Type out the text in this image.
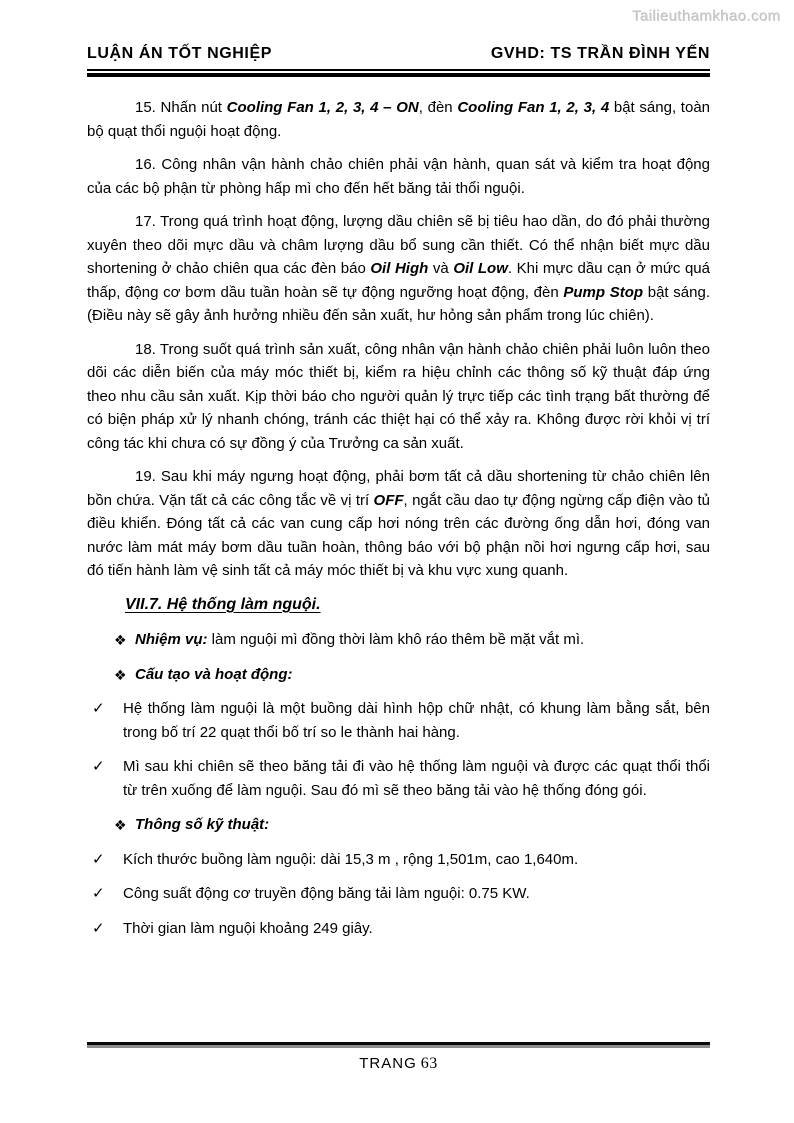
Tailieuthamkhao.com
LUẬN ÁN TỐT NGHIỆP	GVHD: TS TRẦN ĐÌNH YẾN

15. Nhấn nút Cooling Fan 1, 2, 3, 4 – ON, đèn Cooling Fan 1, 2, 3, 4 bật sáng, toàn bộ quạt thổi nguội hoạt động.

16. Công nhân vận hành chảo chiên phải vận hành, quan sát và kiểm tra hoạt động của các bộ phận từ phòng hấp mì cho đến hết băng tải thổi nguội.

17. Trong quá trình hoạt động, lượng dầu chiên sẽ bị tiêu hao dần, do đó phải thường xuyên theo dõi mực dầu và châm lượng dầu bổ sung cần thiết. Có thể nhận biết mực dầu shortening ở chảo chiên qua các đèn báo Oil High và Oil Low. Khi mực dầu cạn ở mức quá thấp, động cơ bơm dầu tuần hoàn sẽ tự động ngưỡng hoạt động, đèn Pump Stop bật sáng. (Điều này sẽ gây ảnh hưởng nhiều đến sản xuất, hư hỏng sản phẩm trong lúc chiên).

18. Trong suốt quá trình sản xuất, công nhân vận hành chảo chiên phải luôn luôn theo dõi các diễn biến của máy móc thiết bị, kiểm ra hiệu chỉnh các thông số kỹ thuật đáp ứng theo nhu cầu sản xuất. Kịp thời báo cho người quản lý trực tiếp các tình trạng bất thường để có biện pháp xử lý nhanh chóng, tránh các thiệt hại có thể xảy ra. Không được rời khỏi vị trí công tác khi chưa có sự đồng ý của Trưởng ca sản xuất.

19. Sau khi máy ngưng hoạt động, phải bơm tất cả dầu shortening từ chảo chiên lên bồn chứa. Vặn tất cả các công tắc về vị trí OFF, ngắt cầu dao tự động ngừng cấp điện vào tủ điều khiển. Đóng tất cả các van cung cấp hơi nóng trên các đường ống dẫn hơi, đóng van nước làm mát máy bơm dầu tuần hoàn, thông báo với bộ phận nồi hơi ngưng cấp hơi, sau đó tiến hành làm vệ sinh tất cả máy móc thiết bị và khu vực xung quanh.

VII.7. Hệ thống làm nguội.
❖ Nhiệm vụ: làm nguội mì đồng thời làm khô ráo thêm bề mặt vắt mì.
❖ Cấu tạo và hoạt động:
✓ Hệ thống làm nguội là một buồng dài hình hộp chữ nhật, có khung làm bằng sắt, bên trong bố trí 22 quạt thổi bố trí so le thành hai hàng.
✓ Mì sau khi chiên sẽ theo băng tải đi vào hệ thống làm nguội và được các quạt thổi thổi từ trên xuống để làm nguội. Sau đó mì sẽ theo băng tải vào hệ thống đóng gói.
❖ Thông số kỹ thuật:
✓ Kích thước buồng làm nguội: dài 15,3 m , rộng 1,501m, cao 1,640m.
✓ Công suất động cơ truyền động băng tải làm nguội: 0.75 KW.
✓ Thời gian làm nguội khoảng 249 giây.
TRANG 63
